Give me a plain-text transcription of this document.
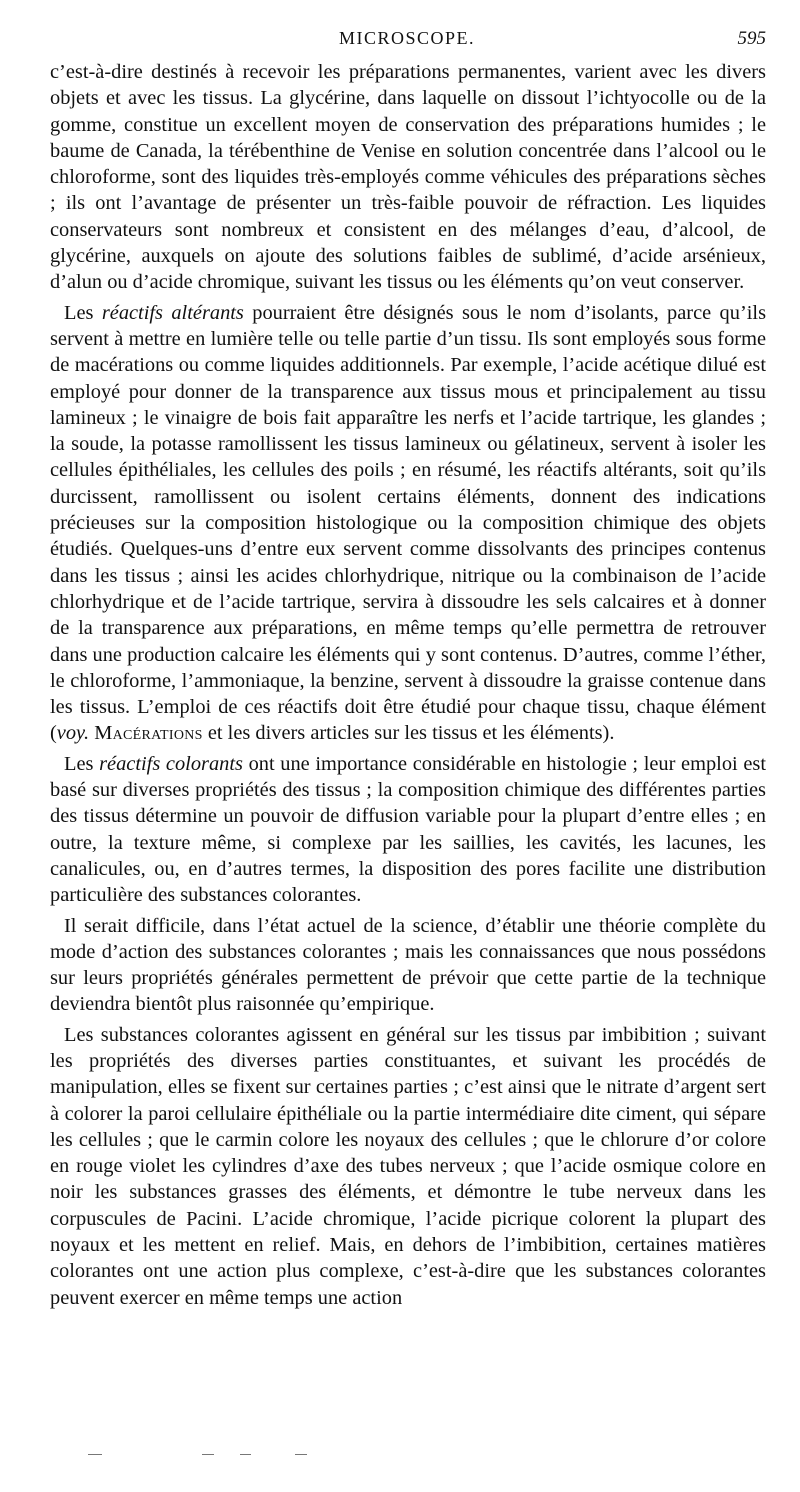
MICROSCOPE.	595

c’est-à-dire destinés à recevoir les préparations permanentes, varient avec les divers objets et avec les tissus. La glycérine, dans laquelle on dissout l’ichtyocolle ou de la gomme, constitue un excellent moyen de conservation des préparations humides ; le baume de Canada, la térébenthine de Venise en solution concentrée dans l’alcool ou le chloroforme, sont des liquides très-employés comme véhicules des préparations sèches ; ils ont l’avantage de présenter un très-faible pouvoir de réfraction. Les liquides conservateurs sont nombreux et consistent en des mélanges d’eau, d’alcool, de glycérine, auxquels on ajoute des solutions faibles de sublimé, d’acide arsénieux, d’alun ou d’acide chromique, suivant les tissus ou les éléments qu’on veut conserver.

Les réactifs altérants pourraient être désignés sous le nom d’isolants, parce qu’ils servent à mettre en lumière telle ou telle partie d’un tissu. Ils sont employés sous forme de macérations ou comme liquides additionnels. Par exemple, l’acide acétique dilué est employé pour donner de la transparence aux tissus mous et principalement au tissu lamineux ; le vinaigre de bois fait apparaître les nerfs et l’acide tartrique, les glandes ; la soude, la potasse ramollissent les tissus lamineux ou gélatineux, servent à isoler les cellules épithéliales, les cellules des poils ; en résumé, les réactifs altérants, soit qu’ils durcissent, ramollissent ou isolent certains éléments, donnent des indications précieuses sur la composition histologique ou la composition chimique des objets étudiés. Quelques-uns d’entre eux servent comme dissolvants des principes contenus dans les tissus ; ainsi les acides chlorhydrique, nitrique ou la combinaison de l’acide chlorhydrique et de l’acide tartrique, servira à dissoudre les sels calcaires et à donner de la transparence aux préparations, en même temps qu’elle permettra de retrouver dans une production calcaire les éléments qui y sont contenus. D’autres, comme l’éther, le chloroforme, l’ammoniaque, la benzine, servent à dissoudre la graisse contenue dans les tissus. L’emploi de ces réactifs doit être étudié pour chaque tissu, chaque élément (voy. Macérations et les divers articles sur les tissus et les éléments).

Les réactifs colorants ont une importance considérable en histologie ; leur emploi est basé sur diverses propriétés des tissus ; la composition chimique des différentes parties des tissus détermine un pouvoir de diffusion variable pour la plupart d’entre elles ; en outre, la texture même, si complexe par les saillies, les cavités, les lacunes, les canalicules, ou, en d’autres termes, la disposition des pores facilite une distribution particulière des substances colorantes.

Il serait difficile, dans l’état actuel de la science, d’établir une théorie complète du mode d’action des substances colorantes ; mais les connaissances que nous possédons sur leurs propriétés générales permettent de prévoir que cette partie de la technique deviendra bientôt plus raisonnée qu’empirique.

Les substances colorantes agissent en général sur les tissus par imbibition ; suivant les propriétés des diverses parties constituantes, et suivant les procédés de manipulation, elles se fixent sur certaines parties ; c’est ainsi que le nitrate d’argent sert à colorer la paroi cellulaire épithéliale ou la partie intermédiaire dite ciment, qui sépare les cellules ; que le carmin colore les noyaux des cellules ; que le chlorure d’or colore en rouge violet les cylindres d’axe des tubes nerveux ; que l’acide osmique colore en noir les substances grasses des éléments, et démontre le tube nerveux dans les corpuscules de Pacini. L’acide chromique, l’acide picrique colorent la plupart des noyaux et les mettent en relief. Mais, en dehors de l’imbibition, certaines matières colorantes ont une action plus complexe, c’est-à-dire que les substances colorantes peuvent exercer en même temps une action
